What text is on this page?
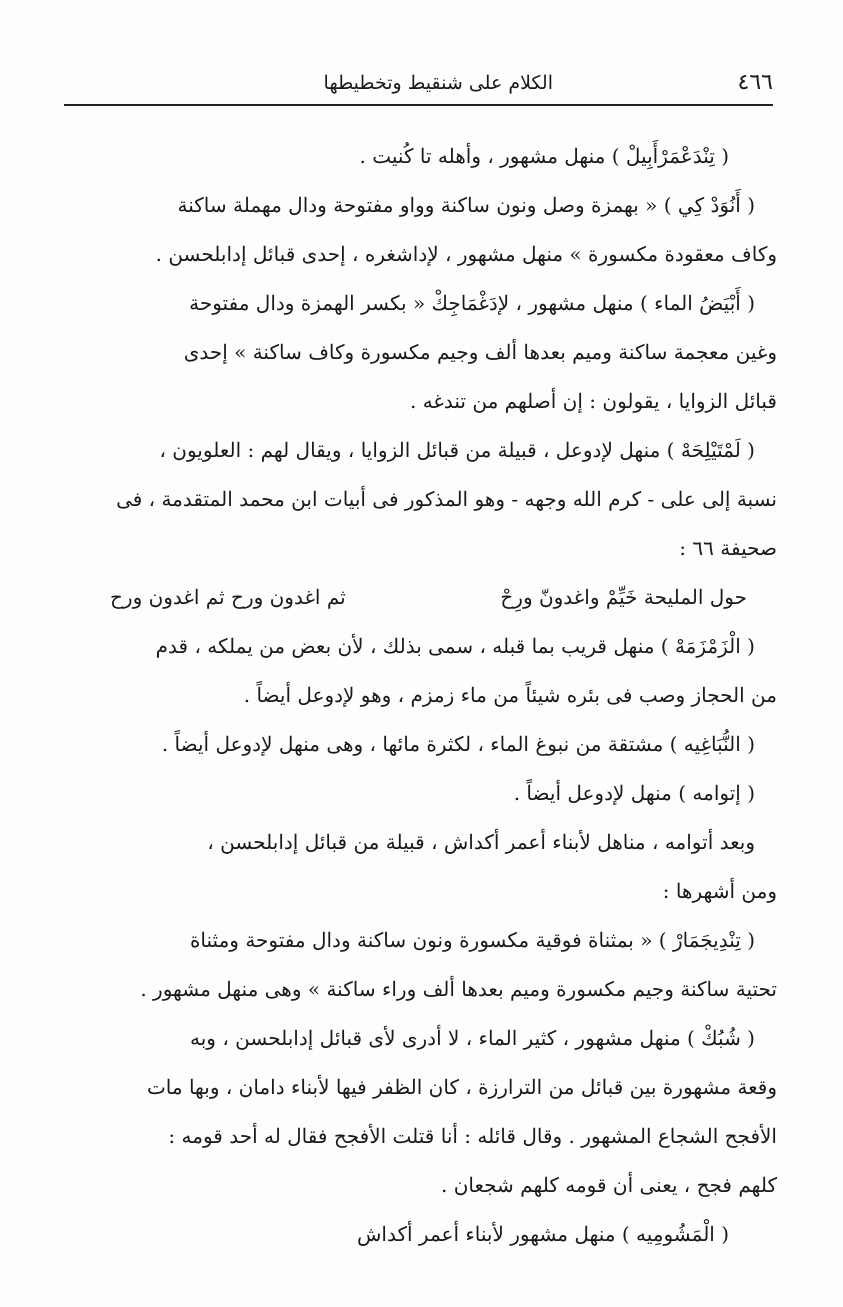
٤٦٦
الكلام على شنقيط وتخطيطها
( تِنْدَعْمَرْأَبِيلْ ) منهل مشهور ، وأهله تا كُنيت .
( أَنُوَدْ كِي ) « بهمزة وصل ونون ساكنة وواو مفتوحة ودال مهملة ساكنة
وكاف معقودة مكسورة » منهل مشهور ، لإداشغره ، إحدى قبائل إدابلحسن .
( أَبْيَضُ الماء ) منهل مشهور ، لإدَغْمَاجِكْ « بكسر الهمزة ودال مفتوحة
وغين معجمة ساكنة وميم بعدها ألف وجيم مكسورة وكاف ساكنة » إحدى
قبائل الزوايا ، يقولون : إن أصلهم من تندغه .
( لَمْتَيْلِحَهْ ) منهل لإدوعل ، قبيلة من قبائل الزوايا ، ويقال لهم : العلويون ،
نسبة إلى على - كرم الله وجهه - وهو المذكور فى أبيات ابن محمد المتقدمة ، فى
صحيفة ٦٦ :
حول المليحة خَيِّمْ واغدونّ ورِحْ
ثم اغدون ورح ثم اغدون ورح
( الْزَمْزَمَهْ ) منهل قريب بما قبله ، سمى بذلك ، لأن بعض من يملكه ، قدم
من الحجاز وصب فى بئره شيئاً من ماء زمزم ، وهو لإدوعل أيضاً .
( النُّبَاغِيه ) مشتقة من نبوغ الماء ، لكثرة مائها ، وهى منهل لإدوعل أيضاً .
( إتوامه ) منهل لإدوعل أيضاً .
وبعد أتوامه ، مناهل لأبناء أعمر أكداش ، قبيلة من قبائل إدابلحسن ،
ومن أشهرها :
( تِنْدِيجَمَارْ ) « بمثناة فوقية مكسورة ونون ساكنة ودال مفتوحة ومثناة
تحتية ساكنة وجيم مكسورة وميم بعدها ألف وراء ساكنة » وهى منهل مشهور .
( شُبُكْ ) منهل مشهور ، كثير الماء ، لا أدرى لأى قبائل إدابلحسن ، وبه
وقعة مشهورة بين قبائل من الترارزة ، كان الظفر فيها لأبناء دامان ، وبها مات
الأفجح الشجاع المشهور . وقال قائله : أنا قتلت الأفجح فقال له أحد قومه :
كلهم فجح ، يعنى أن قومه كلهم شجعان .
( الْمَشُومِيه ) منهل مشهور لأبناء أعمر أكداش
